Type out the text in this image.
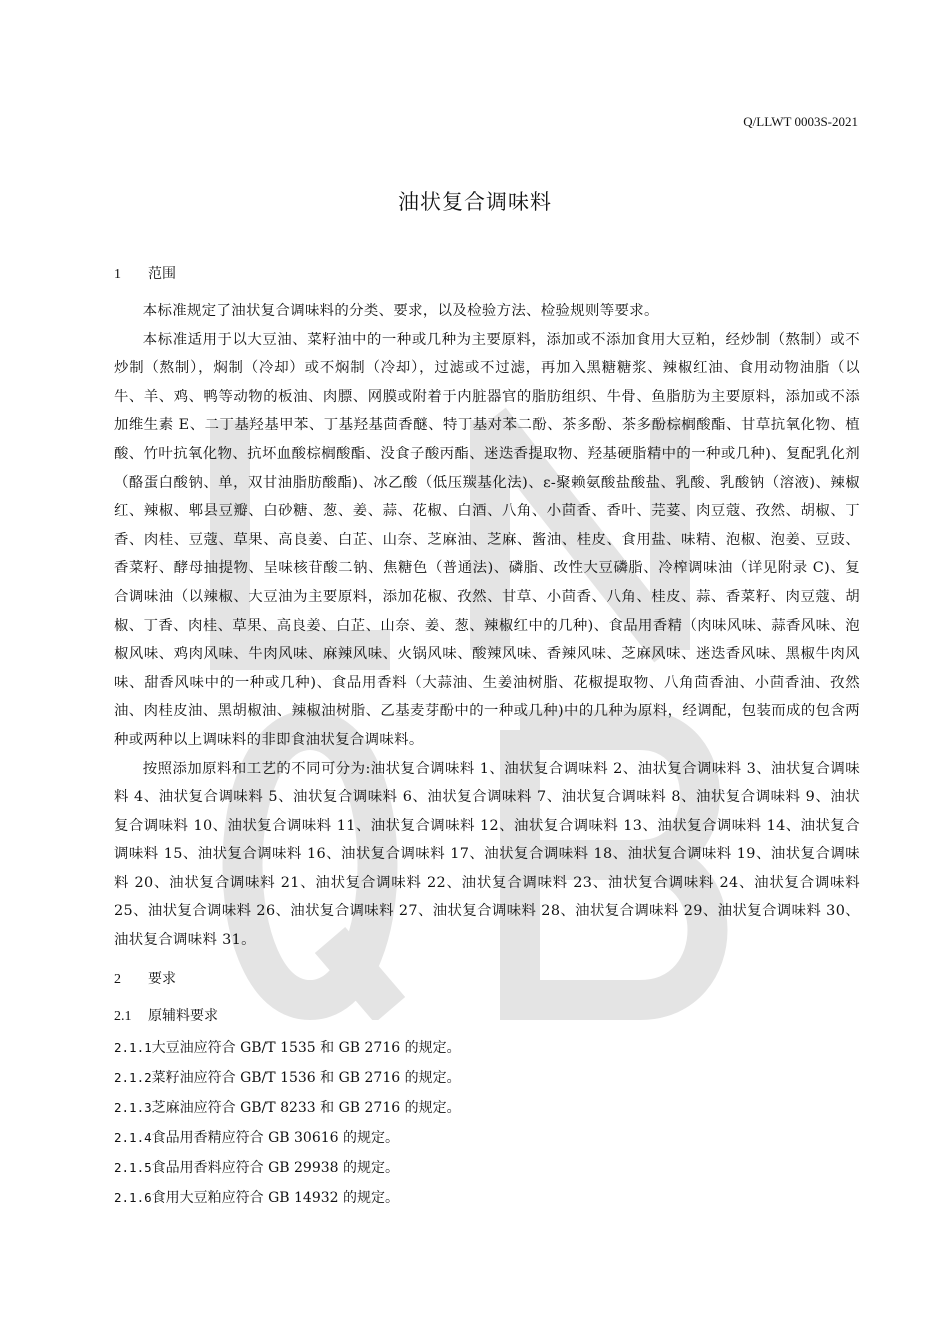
Q/LLWT 0003S-2021
油状复合调味料
1 范围

本标准规定了油状复合调味料的分类、要求，以及检验方法、检验规则等要求。

本标准适用于以大豆油、菜籽油中的一种或几种为主要原料，添加或不添加食用大豆粕，经炒制（熬制）或不炒制（熬制），焖制（冷却）或不焖制（冷却），过滤或不过滤，再加入黑糖糖浆、辣椒红油、食用动物油脂（以牛、羊、鸡、鸭等动物的板油、肉膘、网膜或附着于内脏器官的脂肪组织、牛骨、鱼脂肪为主要原料，添加或不添加维生素 E、二丁基羟基甲苯、丁基羟基茴香醚、特丁基对苯二酚、茶多酚、茶多酚棕榈酸酯、甘草抗氧化物、植酸、竹叶抗氧化物、抗坏血酸棕榈酸酯、没食子酸丙酯、迷迭香提取物、羟基硬脂精中的一种或几种)、复配乳化剂（酪蛋白酸钠、单，双甘油脂肪酸酯)、冰乙酸（低压羰基化法)、ε-聚赖氨酸盐酸盐、乳酸、乳酸钠（溶液)、辣椒红、辣椒、郫县豆瓣、白砂糖、葱、姜、蒜、花椒、白酒、八角、小茴香、香叶、芫荽、肉豆蔻、孜然、胡椒、丁香、肉桂、豆蔻、草果、高良姜、白芷、山奈、芝麻油、芝麻、酱油、桂皮、食用盐、味精、泡椒、泡姜、豆豉、香菜籽、酵母抽提物、呈味核苷酸二钠、焦糖色（普通法)、磷脂、改性大豆磷脂、冷榨调味油（详见附录 C)、复合调味油（以辣椒、大豆油为主要原料，添加花椒、孜然、甘草、小茴香、八角、桂皮、蒜、香菜籽、肉豆蔻、胡椒、丁香、肉桂、草果、高良姜、白芷、山奈、姜、葱、辣椒红中的几种)、食品用香精（肉味风味、蒜香风味、泡椒风味、鸡肉风味、牛肉风味、麻辣风味、火锅风味、酸辣风味、香辣风味、芝麻风味、迷迭香风味、黑椒牛肉风味、甜香风味中的一种或几种)、食品用香料（大蒜油、生姜油树脂、花椒提取物、八角茴香油、小茴香油、孜然油、肉桂皮油、黑胡椒油、辣椒油树脂、乙基麦芽酚中的一种或几种)中的几种为原料，经调配，包装而成的包含两种或两种以上调味料的非即食油状复合调味料。

按照添加原料和工艺的不同可分为:油状复合调味料 1、油状复合调味料 2、油状复合调味料 3、油状复合调味料 4、油状复合调味料 5、油状复合调味料 6、油状复合调味料 7、油状复合调味料 8、油状复合调味料 9、油状复合调味料 10、油状复合调味料 11、油状复合调味料 12、油状复合调味料 13、油状复合调味料 14、油状复合调味料 15、油状复合调味料 16、油状复合调味料 17、油状复合调味料 18、油状复合调味料 19、油状复合调味料 20、油状复合调味料 21、油状复合调味料 22、油状复合调味料 23、油状复合调味料 24、油状复合调味料 25、油状复合调味料 26、油状复合调味料 27、油状复合调味料 28、油状复合调味料 29、油状复合调味料 30、油状复合调味料 31。

2 要求
2.1 原辅料要求
2.1.1大豆油应符合 GB/T 1535 和 GB 2716 的规定。
2.1.2菜籽油应符合 GB/T 1536 和 GB 2716 的规定。
2.1.3芝麻油应符合 GB/T 8233 和 GB 2716 的规定。
2.1.4食品用香精应符合 GB 30616 的规定。
2.1.5食品用香料应符合 GB 29938 的规定。
2.1.6食用大豆粕应符合 GB 14932 的规定。
